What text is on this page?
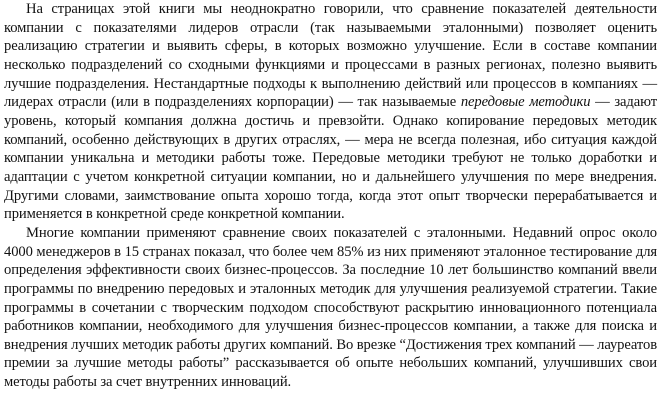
На страницах этой книги мы неоднократно говорили, что сравнение показателей деятельности компании с показателями лидеров отрасли (так называемыми эталонными) позволяет оценить реализацию стратегии и выявить сферы, в которых возможно улучшение. Если в составе компании несколько подразделений со сходными функциями и процессами в разных регионах, полезно выявить лучшие подразделения. Нестандартные подходы к выполнению действий или процессов в компаниях — лидерах отрасли (или в подразделениях корпорации) — так называемые передовые методики — задают уровень, который компания должна достичь и превзойти. Однако копирование передовых методик компаний, особенно действующих в других отраслях, — мера не всегда полезная, ибо ситуация каждой компании уникальна и методики работы тоже. Передовые методики требуют не только доработки и адаптации с учетом конкретной ситуации компании, но и дальнейшего улучшения по мере внедрения. Другими словами, заимствование опыта хорошо тогда, когда этот опыт творчески перерабатывается и применяется в конкретной среде конкретной компании.

Многие компании применяют сравнение своих показателей с эталонными. Недавний опрос около 4000 менеджеров в 15 странах показал, что более чем 85% из них применяют эталонное тестирование для определения эффективности своих бизнес-процессов. За последние 10 лет большинство компаний ввели программы по внедрению передовых и эталонных методик для улучшения реализуемой стратегии. Такие программы в сочетании с творческим подходом способствуют раскрытию инновационного потенциала работников компании, необходимого для улучшения бизнес-процессов компании, а также для поиска и внедрения лучших методик работы других компаний. Во врезке “Достижения трех компаний — лауреатов премии за лучшие методы работы” рассказывается об опыте небольших компаний, улучшивших свои методы работы за счет внутренних инноваций.
